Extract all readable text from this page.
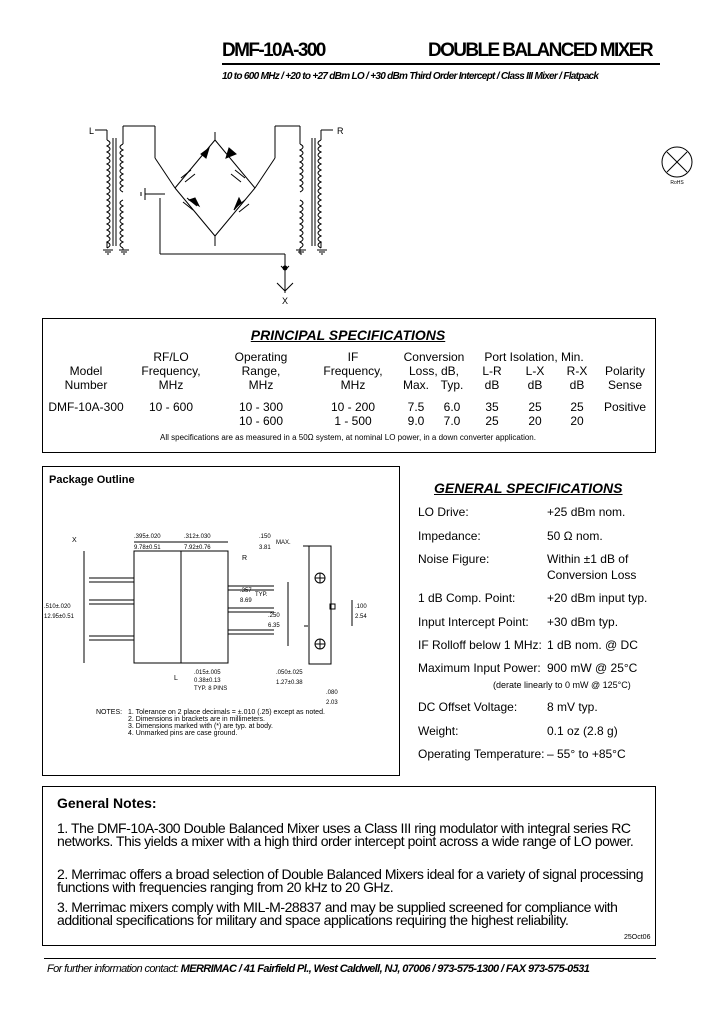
DMF-10A-300	DOUBLE BALANCED MIXER
10 to 600 MHz / +20 to +27 dBm LO / +30 dBm Third Order Intercept / Class III Mixer / Flatpack
L	R
X
RoHS
PRINCIPAL SPECIFICATIONS
	RF/LO	Operating	IF	Conversion		Port Isolation, Min.			
Model	Frequency,	Range,	Frequency,	Loss, dB,		L-R	L-X	R-X	Polarity
Number	MHz	MHz	MHz	Max.	Typ.	dB	dB	dB	Sense

DMF-10A-300	10 - 600	10 - 300	10 - 200	7.5	6.0	35	25	25	Positive
		10 - 600	1 - 500	9.0	7.0	25	20	20	
All specifications are as measured in a 50Ω system, at nominal LO power, in a down converter application.
Package Outline
.395±.020
9.78±0.51
.312±.030
7.92±0.76
.150
3.81
MAX.
.357
8.69
TYP.
.250
6.35
.100
2.54
.510±.020
12.95±0.51
.015±.005
0.38±0.13
TYP. 8 PINS
.050±.025
1.27±0.38
.080
2.03
X
R
L
NOTES: 1. Tolerance on 2 place decimals = ±.010 (.25) except as noted.
2. Dimensions in brackets are in millimeters.
3. Dimensions marked with (*) are typ. at body.
4. Unmarked pins are case ground.
GENERAL SPECIFICATIONS
LO Drive:	+25 dBm nom.
Impedance:	50 Ω nom.
Noise Figure:	Within ±1 dB of
Conversion Loss
1 dB Comp. Point:	+20 dBm input typ.
Input Intercept Point: +30 dBm typ.
IF Rolloff below 1 MHz: 1 dB nom. @ DC
Maximum Input Power: 900 mW @ 25°C
(derate linearly to 0 mW @ 125°C)
DC Offset Voltage: 8 mV typ.
Weight:	0.1 oz (2.8 g)
Operating Temperature: – 55° to +85°C
General Notes:
1. The DMF-10A-300 Double Balanced Mixer uses a Class III ring modulator with integral series RC networks. This yields a mixer with a high third order intercept point across a wide range of LO power.
2. Merrimac offers a broad selection of Double Balanced Mixers ideal for a variety of signal processing functions with frequencies ranging from 20 kHz to 20 GHz.
3. Merrimac mixers comply with MIL-M-28837 and may be supplied screened for compliance with additional specifications for military and space applications requiring the highest reliability.
25Oct06
For further information contact: MERRIMAC / 41 Fairfield Pl., West Caldwell, NJ, 07006 / 973-575-1300 / FAX 973-575-0531
